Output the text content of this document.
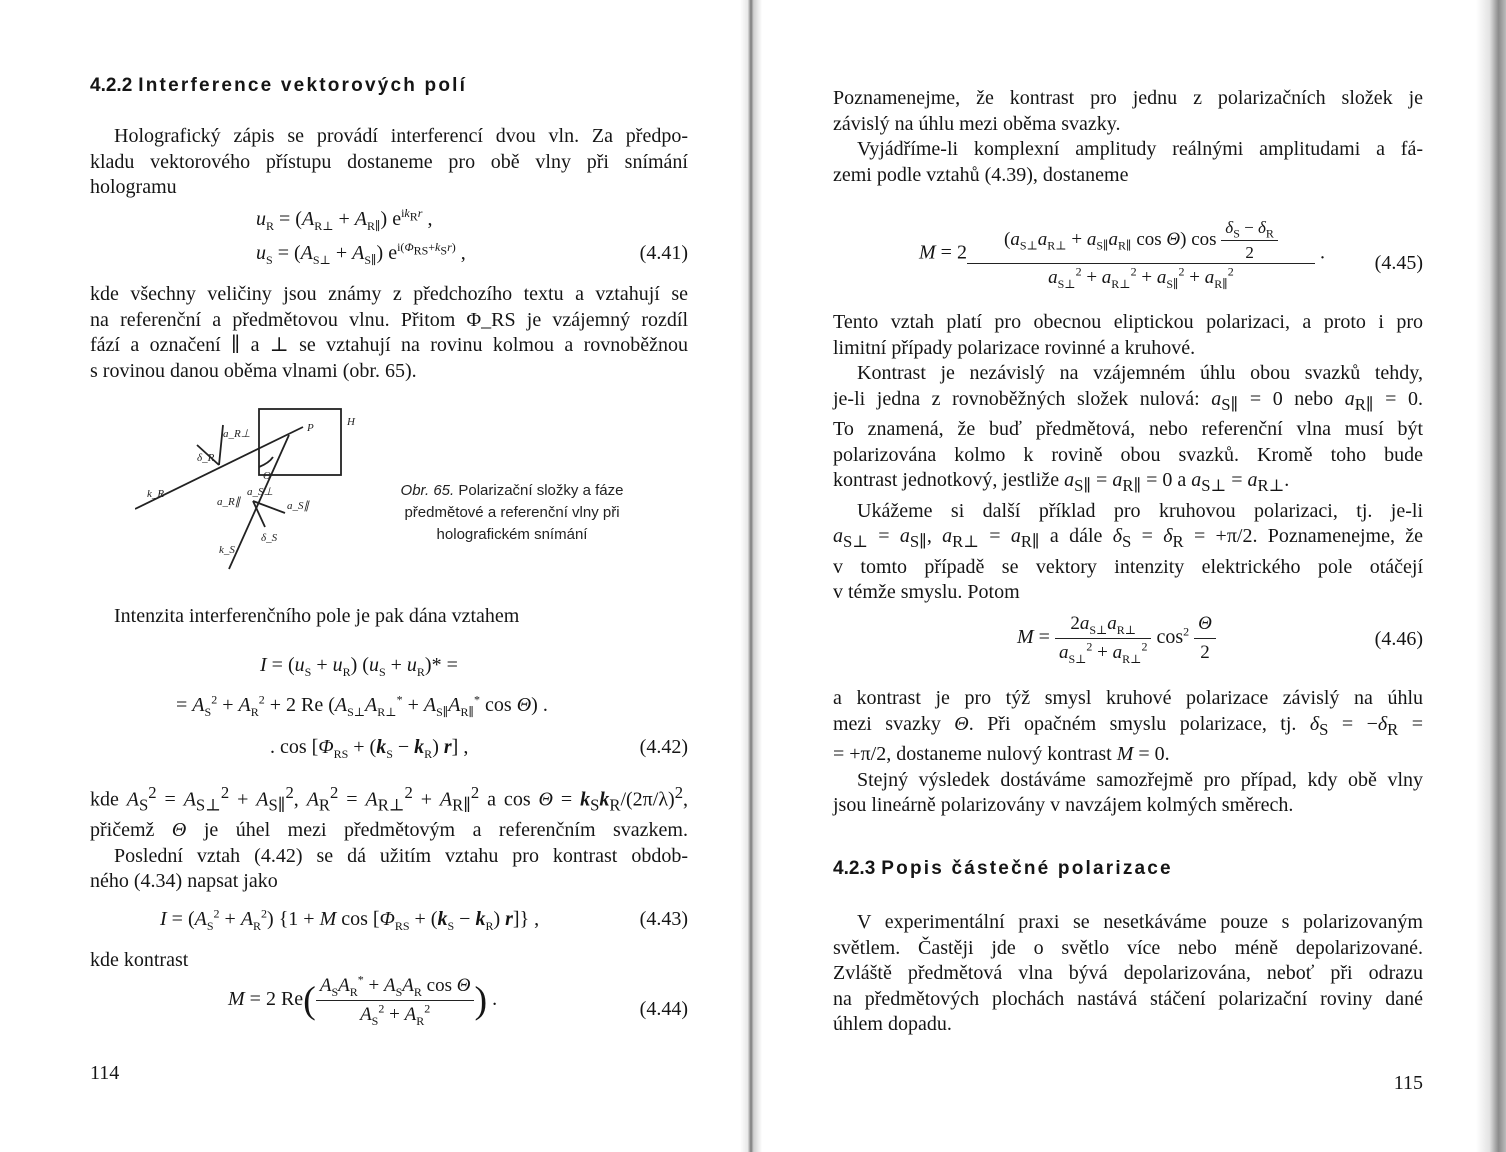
4.2.2 Interference vektorových polí

Holografický zápis se provádí interferencí dvou vln. Za předpo-
kladu vektorového přístupu dostaneme pro obě vlny při snímání
hologramu

$u_R = (A_{R\perp} + A_{R\parallel})$ $e^{ik_Rr}$ ,
$u_S = (A_{S\perp} + A_{S\parallel})$ $e^{i(\Phi_{RS}+k_Sr)}$ ,	(4.41)

kde všechny veličiny jsou známy z předchozího textu a vztahují se
na referenční a předmětovou vlnu. Přitom Φ_RS je vzájemný rozdíl
fází a označení ∥ a ⊥ se vztahují na rovinu kolmou a rovnoběžnou
s rovinou danou oběma vlnami (obr. 65).

H
P
Θ
a_R⊥
δ_R
k_R
a_R∥
a_S⊥
a_S∥
δ_S
k_S
Obr. 65. Polarizační složky a fáze
předmětové a referenční vlny při
holografickém snímání

Intenzita interferenčního pole je pak dána vztahem

$I = (u_S + u_R) (u_S + u_R)*$ =
= $A_S^2 + A_R^2 + 2$ Re ($A_{S\perp}A_{R\perp}^* + A_{S\parallel}A_{R\parallel}^*$ cos Θ) .
. $\cos [\Phi_{RS} + (k_S - k_R)$ r] ,	(4.42)

kde $A_S^2 = A_{S\perp}^2 + A_{S\parallel}^2$, $A_R^2 = A_{R\perp}^2 + A_{R\parallel}^2$ a $\cos \Theta = k_Sk_R/(2\pi/\lambda)^2$,
přičemž Θ je úhel mezi předmětovým a referenčním svazkem.
Poslední vztah (4.42) se dá užitím vztahu pro kontrast obdob-
ného (4.34) napsat jako

$I = (A_S^2 + A_R^2) \{1 + M$ $\cos [\Phi_{RS} + (k_S - k_R)$ r]} ,	(4.43)

kde kontrast

M = 2 $Re( \frac{A_SA_R^* + A_SA_R \cos \Theta}{A_S^2 + A_R^2}$ ) .	(4.44)
114

Poznamenejme, že kontrast pro jednu z polarizačních složek je
závislý na úhlu mezi oběma svazky.
Vyjádříme-li komplexní amplitudy reálnými amplitudami a fá-
zemi podle vztahů (4.39), dostaneme

$M = 2 \frac{(a_{S\perp}a_{R\perp} + a_{S\parallel}a_{R\parallel} \cos \Theta) \cos \frac{\delta_S - \delta_R}{2}}{a_{S\perp}^2 + a_{R\perp}^2 + a_{S\parallel}^2 + a_{R\parallel}^2}$ . (4.45)

Tento vztah platí pro obecnou eliptickou polarizaci, a proto i pro
limitní případy polarizace rovinné a kruhové.
Kontrast je nezávislý na vzájemném úhlu obou svazků tehdy,
je-li jedna z rovnoběžných složek nulová: $a_{S\parallel} = 0$ nebo $a_{R\parallel} = 0$.
To znamená, že buď předmětová, nebo referenční vlna musí být
polarizována kolmo k rovině obou svazků. Kromě toho bude
kontrast jednotkový, jestliže $a_{S\parallel} = a_{R\parallel} = 0$ a $a_{S\perp} = a_{R\perp}$.
Ukážeme si další příklad pro kruhovou polarizaci, tj. je-li
$a_{S\perp} = a_{S\parallel}$, $a_{R\perp} = a_{R\parallel}$ a dále $\delta_S = \delta_R = +\pi/2$. Poznamenejme, že
v tomto případě se vektory intenzity elektrického pole otáčejí
v témže smyslu. Potom

$M = \frac{2a_{S\perp}a_{R\perp}}{a_{S\perp}^2 + a_{R\perp}^2} \cos^2 \frac{\Theta}{2}$	(4.46)

a kontrast je pro týž smysl kruhové polarizace závislý na úhlu
mezi svazky Θ. Při opačném smyslu polarizace, tj. $\delta_S = -\delta_R$ =
= +π/2, dostaneme nulový kontrast M = 0.
Stejný výsledek dostáváme samozřejmě pro případ, kdy obě vlny
jsou lineárně polarizovány v navzájem kolmých směrech.

4.2.3 Popis částečné polarizace

V experimentální praxi se nesetkáváme pouze s polarizovaným
světlem. Častěji jde o světlo více nebo méně depolarizované.
Zvláště předmětová vlna bývá depolarizována, neboť při odrazu
na předmětových plochách nastává stáčení polarizační roviny dané
úhlem dopadu.

115
